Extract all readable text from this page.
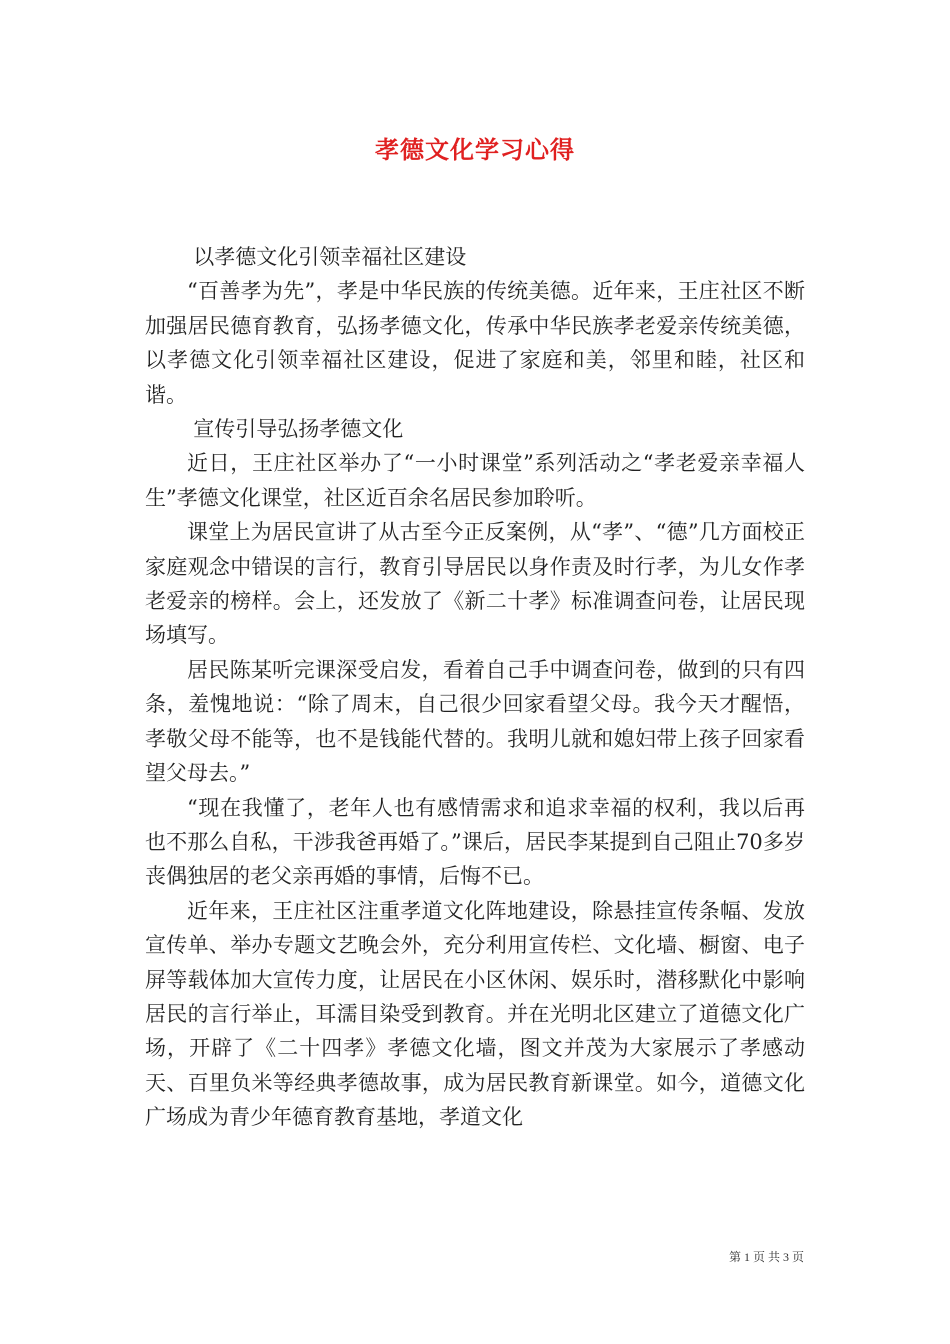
孝德文化学习心得

以孝德文化引领幸福社区建设

“百善孝为先”，孝是中华民族的传统美德。近年来，王庄社区不断加强居民德育教育，弘扬孝德文化，传承中华民族孝老爱亲传统美德，以孝德文化引领幸福社区建设，促进了家庭和美，邻里和睦，社区和谐。

宣传引导弘扬孝德文化

近日，王庄社区举办了“一小时课堂”系列活动之“孝老爱亲幸福人生”孝德文化课堂，社区近百余名居民参加聆听。

课堂上为居民宣讲了从古至今正反案例，从“孝”、“德”几方面校正家庭观念中错误的言行，教育引导居民以身作责及时行孝，为儿女作孝老爱亲的榜样。会上，还发放了《新二十孝》标准调查问卷，让居民现场填写。

居民陈某听完课深受启发，看着自己手中调查问卷，做到的只有四条，羞愧地说：“除了周末，自己很少回家看望父母。我今天才醒悟，孝敬父母不能等，也不是钱能代替的。我明儿就和媳妇带上孩子回家看望父母去。”

“现在我懂了，老年人也有感情需求和追求幸福的权利，我以后再也不那么自私，干涉我爸再婚了。”课后，居民李某提到自己阻止70多岁丧偶独居的老父亲再婚的事情，后悔不已。

近年来，王庄社区注重孝道文化阵地建设，除悬挂宣传条幅、发放宣传单、举办专题文艺晚会外，充分利用宣传栏、文化墙、橱窗、电子屏等载体加大宣传力度，让居民在小区休闲、娱乐时，潜移默化中影响居民的言行举止，耳濡目染受到教育。并在光明北区建立了道德文化广场，开辟了《二十四孝》孝德文化墙，图文并茂为大家展示了孝感动天、百里负米等经典孝德故事，成为居民教育新课堂。如今，道德文化广场成为青少年德育教育基地，孝道文化

第 1 页 共 3 页
